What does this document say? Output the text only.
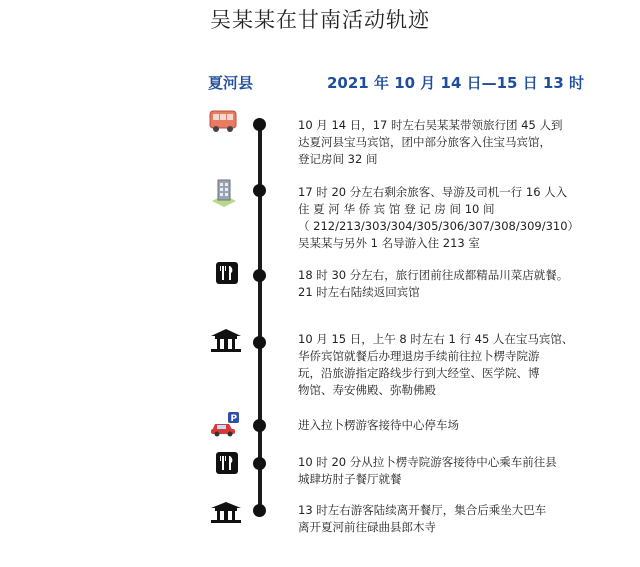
吴某某在甘南活动轨迹
夏河县	2021 年 10 月 14 日—15 日 13 时
P
10 月 14 日，17 时左右吴某某带领旅行团 45 人到
达夏河县宝马宾馆，团中部分旅客入住宝马宾馆，
登记房间 32 间
17 时 20 分左右剩余旅客、导游及司机一行 16 人入
住 夏 河 华 侨 宾 馆 登 记 房 间 10 间
（ 212/213/303/304/305/306/307/308/309/310）
吴某某与另外 1 名导游入住 213 室
18 时 30 分左右，旅行团前往成都精品川菜店就餐。
21 时左右陆续返回宾馆
10 月 15 日，上午 8 时左右 1 行 45 人在宝马宾馆、
华侨宾馆就餐后办理退房手续前往拉卜楞寺院游
玩，沿旅游指定路线步行到大经堂、医学院、博
物馆、寿安佛殿、弥勒佛殿
进入拉卜楞游客接待中心停车场
10 时 20 分从拉卜楞寺院游客接待中心乘车前往县
城肆坊肘子餐厅就餐
13 时左右游客陆续离开餐厅，集合后乘坐大巴车
离开夏河前往碌曲县郎木寺
